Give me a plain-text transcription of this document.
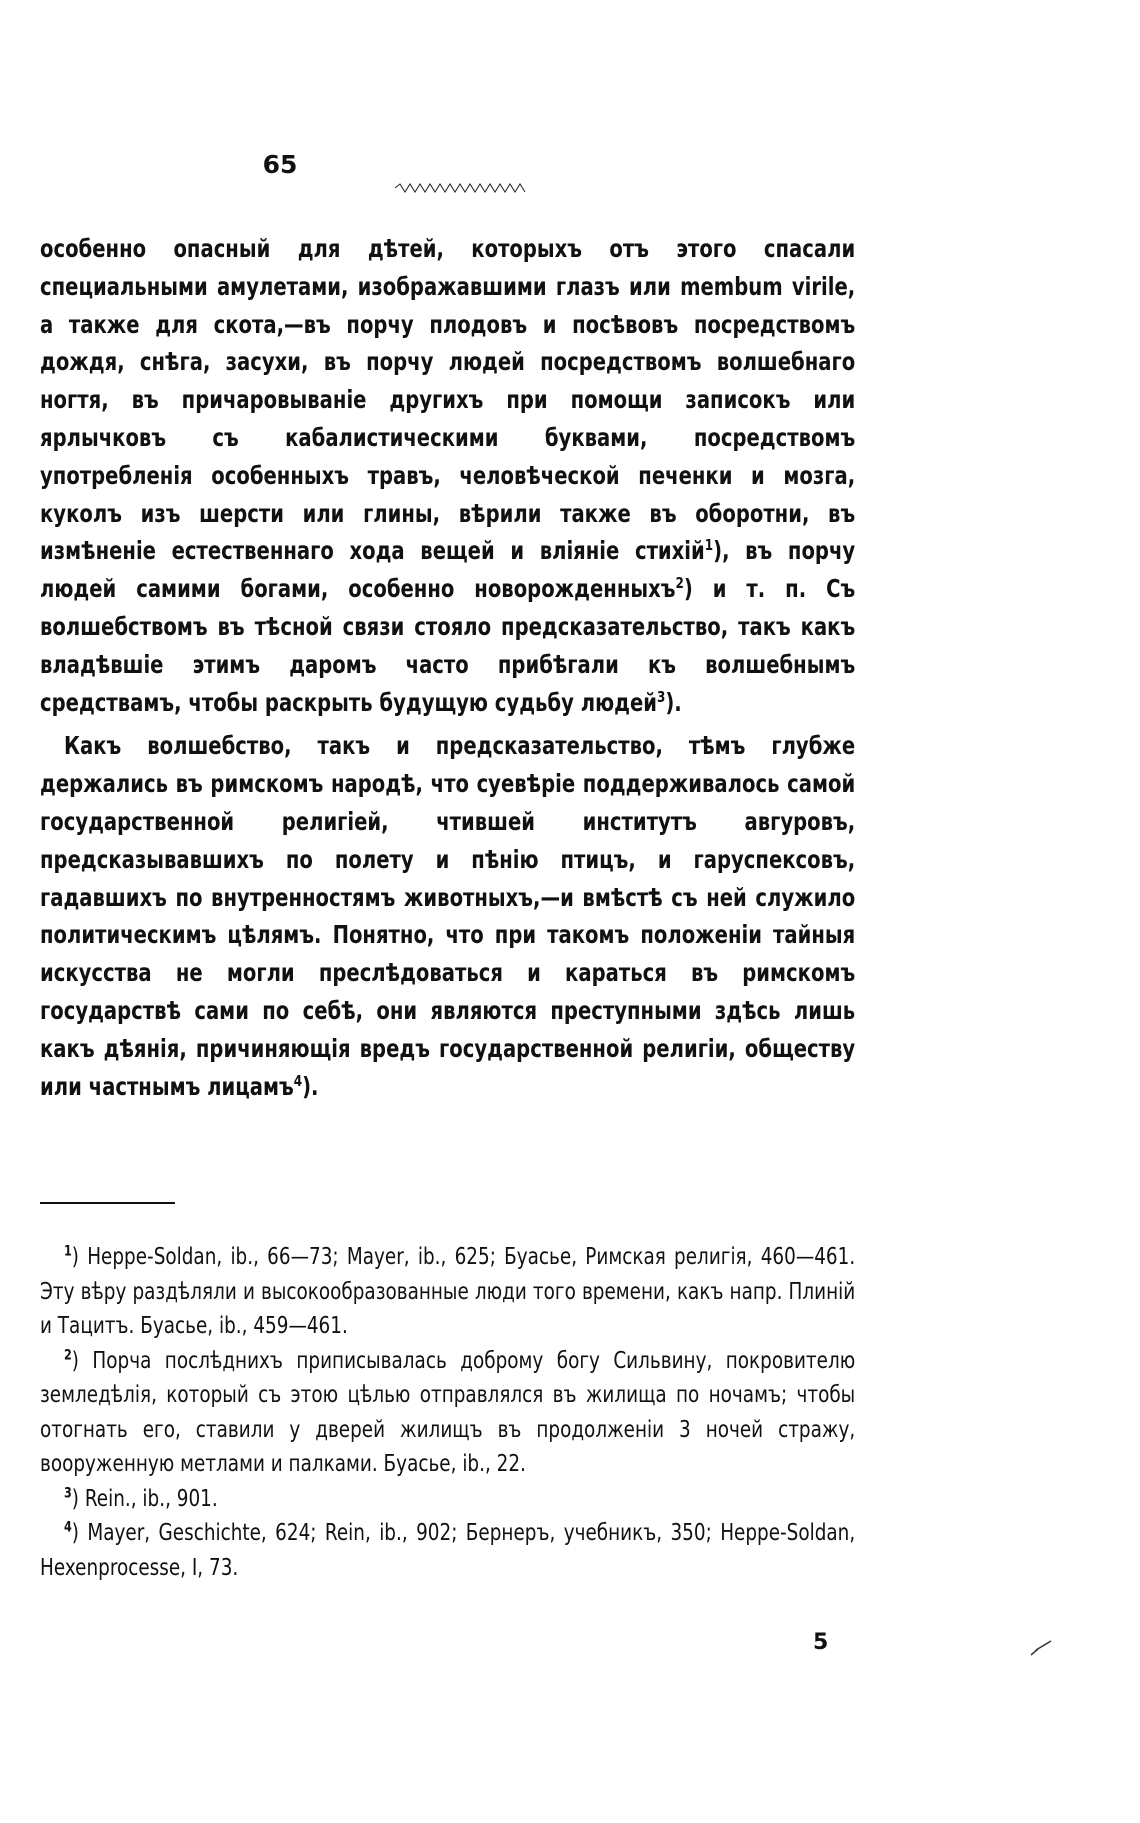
65

особенно опасный для дѣтей, которыхъ отъ этого спасали специальными амулетами, изображавшими глазъ или membum virile, а также для скота,—въ порчу плодовъ и посѣвовъ посредствомъ дождя, снѣга, засухи, въ порчу людей посредствомъ волшебнаго ногтя, въ причаровываніе другихъ при помощи записокъ или ярлычковъ съ кабалистическими буквами, посредствомъ употребленія особенныхъ травъ, человѣческой печенки и мозга, куколъ изъ шерсти или глины, вѣрили также въ оборотни, въ измѣненіе естественнаго хода вещей и вліяніе стихій$^1$), въ порчу людей самими богами, особенно новорожденныхъ$^2$) и т. п. Съ волшебствомъ въ тѣсной связи стояло предсказательство, такъ какъ владѣвшіе этимъ даромъ часто прибѣгали къ волшебнымъ средствамъ, чтобы раскрыть будущую судьбу людей$^3$).

Какъ волшебство, такъ и предсказательство, тѣмъ глубже держались въ римскомъ народѣ, что суевѣріе поддерживалось самой государственной религіей, чтившей институтъ авгуровъ, предсказывавшихъ по полету и пѣнію птицъ, и гаруспексовъ, гадавшихъ по внутренностямъ животныхъ,—и вмѣстѣ съ ней служило политическимъ цѣлямъ. Понятно, что при такомъ положеніи тайныя искусства не могли преслѣдоваться и караться въ римскомъ государствѣ сами по себѣ, они являются преступными здѣсь лишь какъ дѣянія, причиняющія вредъ государственной религіи, обществу или частнымъ лицамъ$^4$).

$^1$) Heppe-Soldan, ib., 66—73; Mayer, ib., 625; Буасье, Римская религія, 460—461. Эту вѣру раздѣляли и высокообразованные люди того времени, какъ напр. Плиній и Тацитъ. Буасье, ib., 459—461.

$^2$) Порча послѣднихъ приписывалась доброму богу Сильвину, покровителю земледѣлія, который съ этою цѣлью отправлялся въ жилища по ночамъ; чтобы отогнать его, ставили у дверей жилищъ въ продолженіи 3 ночей стражу, вооруженную метлами и палками. Буасье, ib., 22.

$^3$) Rein., ib., 901.

$^4$) Mayer, Geschichte, 624; Rein, ib., 902; Бернеръ, учебникъ, 350; Heppe-Soldan, Hexenprocesse, I, 73.

5
